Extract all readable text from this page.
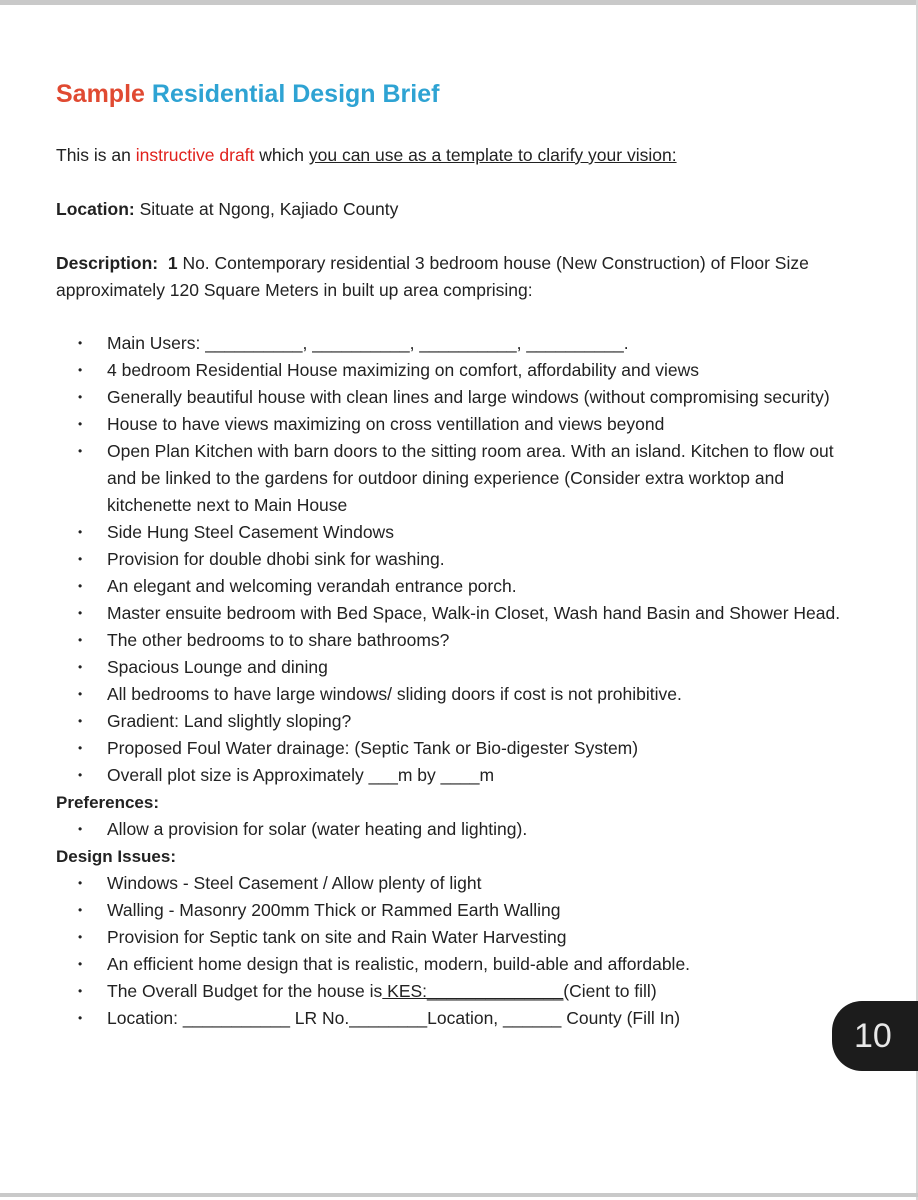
Sample Residential Design Brief
This is an instructive draft which you can use as a template to clarify your vision:
Location: Situate at Ngong, Kajiado County
Description: 1 No. Contemporary residential 3 bedroom house (New Construction) of Floor Size
approximately 120 Square Meters in built up area comprising:
• Main Users: __________, __________, __________, __________.
• 4 bedroom Residential House maximizing on comfort, affordability and views
• Generally beautiful house with clean lines and large windows (without compromising security)
• House to have views maximizing on cross ventillation and views beyond
• Open Plan Kitchen with barn doors to the sitting room area. With an island. Kitchen to flow out and be linked to the gardens for outdoor dining experience (Consider extra worktop and kitchenette next to Main House
• Side Hung Steel Casement Windows
• Provision for double dhobi sink for washing.
• An elegant and welcoming verandah entrance porch.
• Master ensuite bedroom with Bed Space, Walk-in Closet, Wash hand Basin and Shower Head.
• The other bedrooms to to share bathrooms?
• Spacious Lounge and dining
• All bedrooms to have large windows/ sliding doors if cost is not prohibitive.
• Gradient: Land slightly sloping?
• Proposed Foul Water drainage: (Septic Tank or Bio-digester System)
• Overall plot size is Approximately ___m by ____m
Preferences:
• Allow a provision for solar (water heating and lighting).
Design Issues:
• Windows - Steel Casement / Allow plenty of light
• Walling - Masonry 200mm Thick or Rammed Earth Walling
• Provision for Septic tank on site and Rain Water Harvesting
• An efficient home design that is realistic, modern, build-able and affordable.
• The Overall Budget for the house is KES:______________(Cient to fill)
• Location: ___________ LR No.________Location, ______ County (Fill In)	10
